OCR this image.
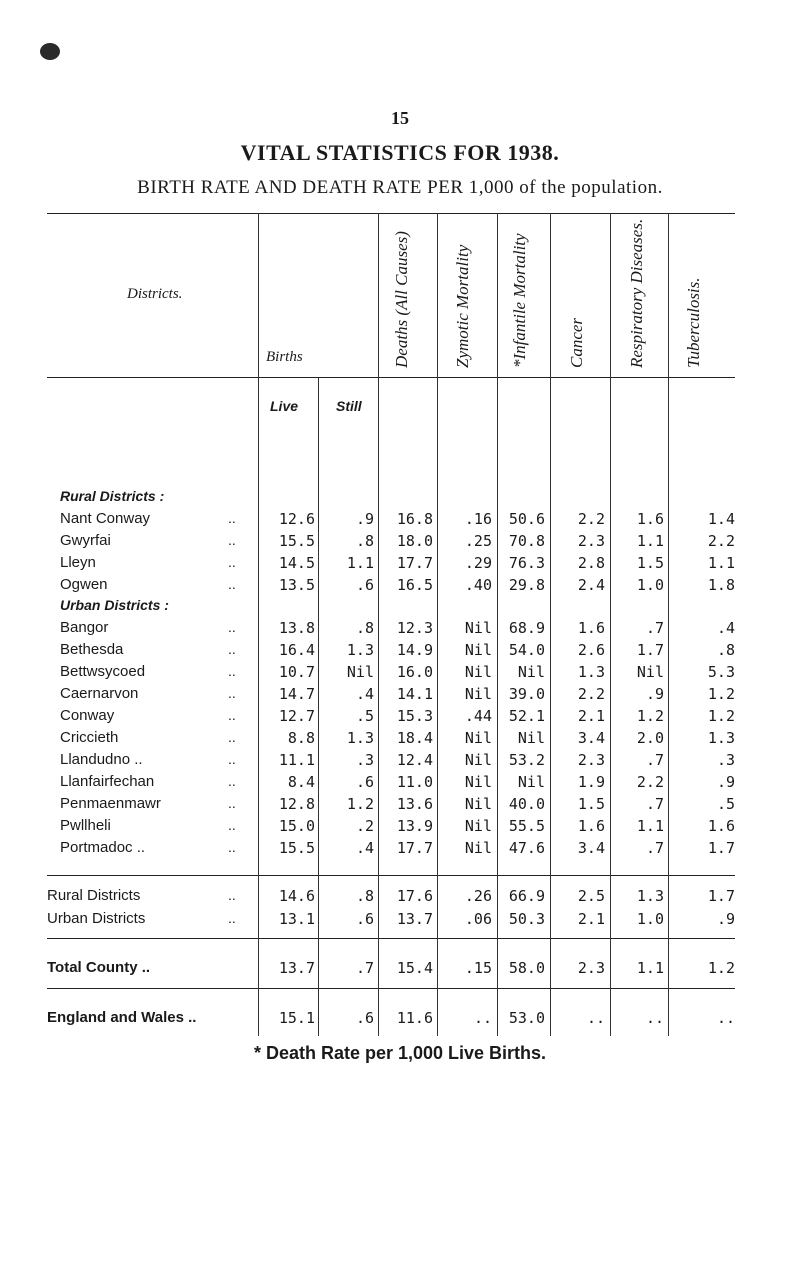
15
VITAL STATISTICS FOR 1938.
BIRTH RATE AND DEATH RATE PER 1,000 of the population.
Districts.
Births	Deaths (All Causes) Zymotic Mortality *Infantile Mortality Cancer Respiratory Diseases. Tuberculosis.
Live	Still
Rural Districts :
Urban Districts :
Nant Conway	..	12.6	.9 16.8 .16 50.6 2.2 1.6	1.4
Gwyrfai	..	15.5	.8 18.0 .25 70.8 2.3 1.1	2.2
Lleyn	..	14.5 1.1 17.7 .29 76.3 2.8 1.5	1.1
Ogwen	..	13.5	.6 16.5 .40 29.8 2.4 1.0	1.8
Bangor	..	13.8	.8 12.3 Nil 68.9 1.6	.7	.4
Bethesda	..	16.4 1.3 14.9 Nil 54.0 2.6 1.7	.8
Bettwsycoed	..	10.7 Nil 16.0 Nil Nil 1.3 Nil	5.3
Caernarvon	..	14.7	.4 14.1 Nil 39.0 2.2	.9	1.2
Conway	..	12.7	.5 15.3 .44 52.1 2.1 1.2	1.2
Criccieth	..	8.8 1.3 18.4 Nil Nil 3.4 2.0	1.3
Llandudno ..	..	11.1	.3 12.4 Nil 53.2 2.3	.7	.3
Llanfairfechan	..	8.4	.6 11.0 Nil Nil 1.9 2.2	.9
Penmaenmawr	..	12.8 1.2 13.6 Nil 40.0 1.5	.7	.5
Pwllheli	..	15.0	.2 13.9 Nil 55.5 1.6 1.1	1.6
Portmadoc ..	..	15.5	.4 17.7 Nil 47.6 3.4	.7	1.7
Rural Districts	..	14.6	.8 17.6 .26 66.9 2.5 1.3	1.7
Urban Districts	..	13.1	.6 13.7 .06 50.3 2.1 1.0	.9
Total County ..	13.7	.7 15.4 .15 58.0 2.3 1.1	1.2
England and Wales ..	15.1	.6 11.6	.. 53.0	..	..	..
* Death Rate per 1,000 Live Births.
